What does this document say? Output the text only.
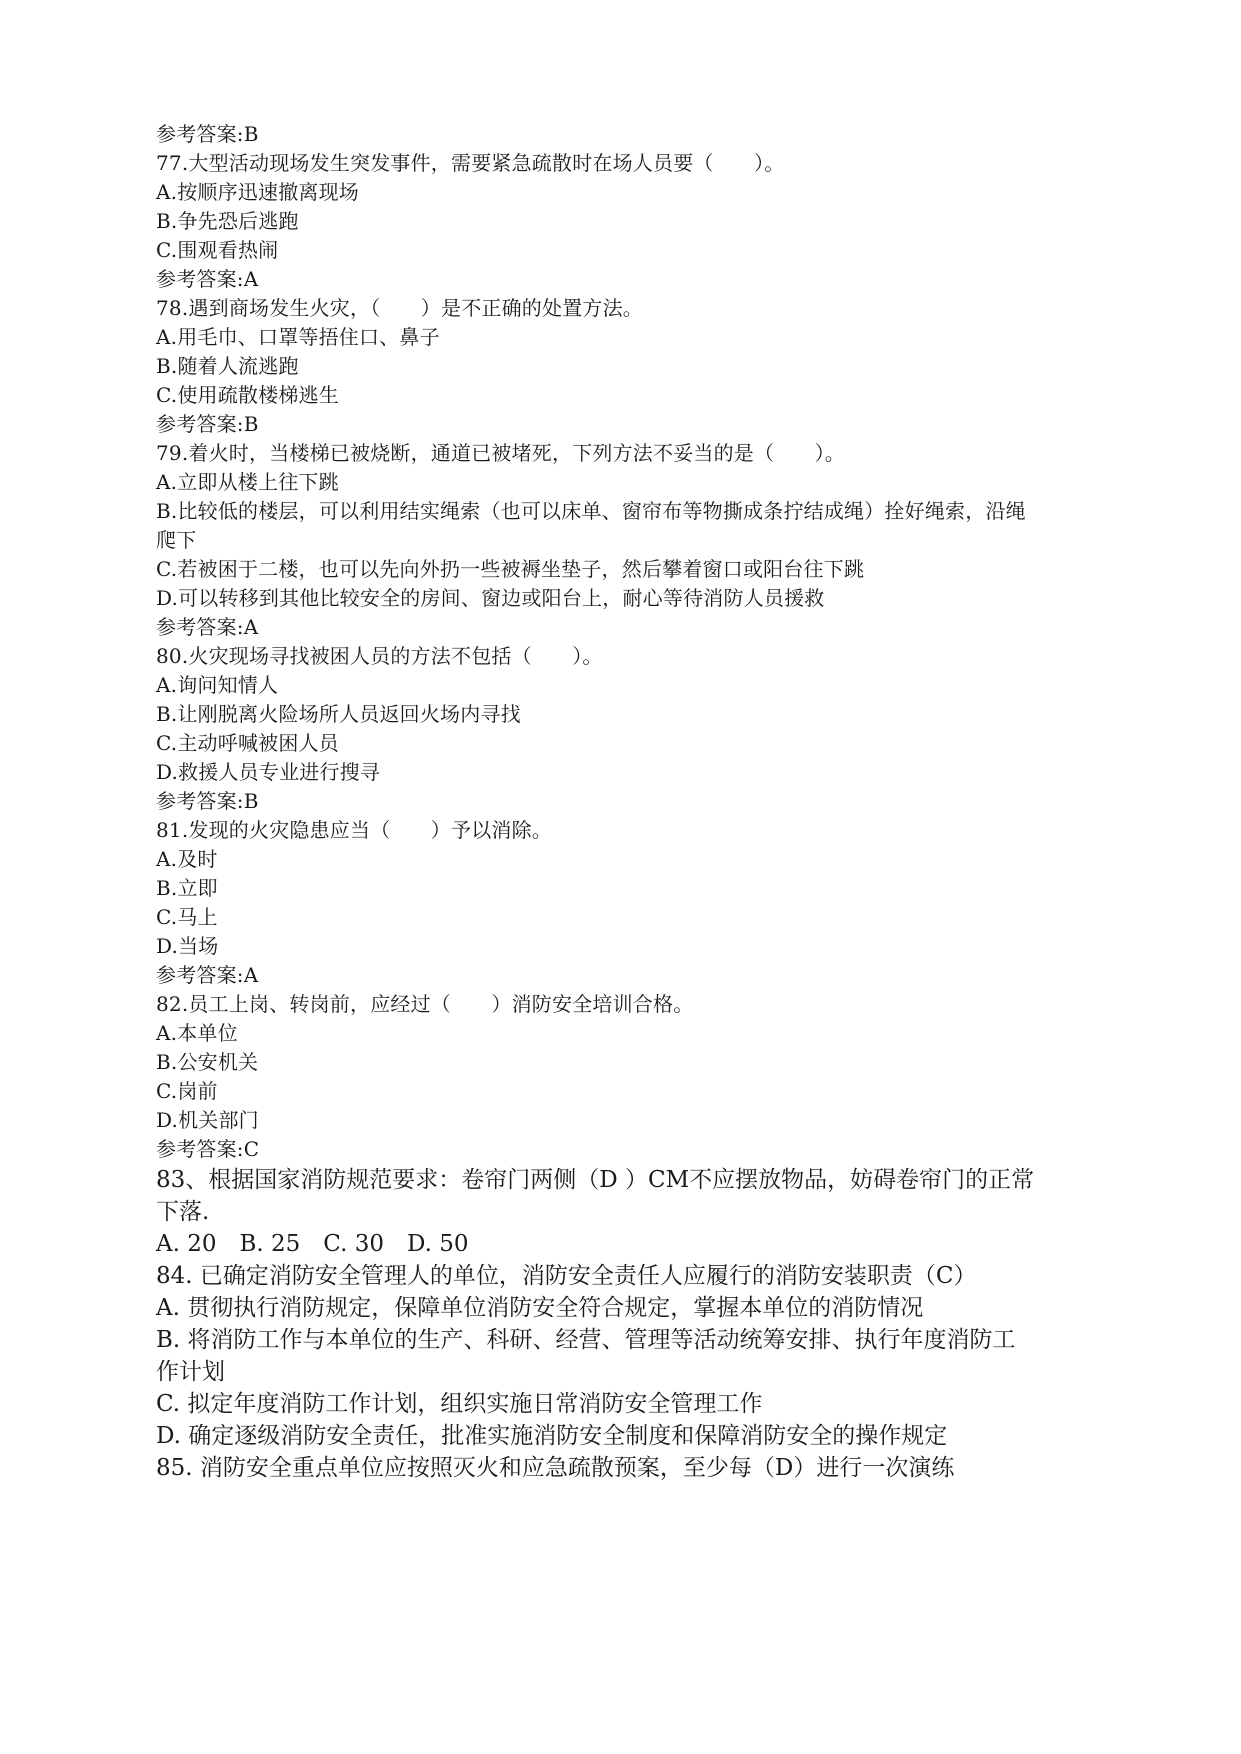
参考答案:B
77.大型活动现场发生突发事件，需要紧急疏散时在场人员要（　　）。
A.按顺序迅速撤离现场
B.争先恐后逃跑
C.围观看热闹
参考答案:A
78.遇到商场发生火灾，（　　）是不正确的处置方法。
A.用毛巾、口罩等捂住口、鼻子
B.随着人流逃跑
C.使用疏散楼梯逃生
参考答案:B
79.着火时，当楼梯已被烧断，通道已被堵死，下列方法不妥当的是（　　）。
A.立即从楼上往下跳
B.比较低的楼层，可以利用结实绳索（也可以床单、窗帘布等物撕成条拧结成绳）拴好绳索，沿绳
爬下
C.若被困于二楼，也可以先向外扔一些被褥坐垫子，然后攀着窗口或阳台往下跳
D.可以转移到其他比较安全的房间、窗边或阳台上，耐心等待消防人员援救
参考答案:A
80.火灾现场寻找被困人员的方法不包括（　　）。
A.询问知情人
B.让刚脱离火险场所人员返回火场内寻找
C.主动呼喊被困人员
D.救援人员专业进行搜寻
参考答案:B
81.发现的火灾隐患应当（　　）予以消除。
A.及时
B.立即
C.马上
D.当场
参考答案:A
82.员工上岗、转岗前，应经过（　　）消防安全培训合格。
A.本单位
B.公安机关
C.岗前
D.机关部门
参考答案:C
83、根据国家消防规范要求：卷帘门两侧（D ）CM不应摆放物品，妨碍卷帘门的正常
下落.
A. 20　B. 25　C. 30　D. 50
84. 已确定消防安全管理人的单位，消防安全责任人应履行的消防安装职责（C）
A. 贯彻执行消防规定，保障单位消防安全符合规定，掌握本单位的消防情况
B. 将消防工作与本单位的生产、科研、经营、管理等活动统筹安排、执行年度消防工
作计划
C. 拟定年度消防工作计划，组织实施日常消防安全管理工作
D. 确定逐级消防安全责任，批准实施消防安全制度和保障消防安全的操作规定
85. 消防安全重点单位应按照灭火和应急疏散预案，至少每（D）进行一次演练
